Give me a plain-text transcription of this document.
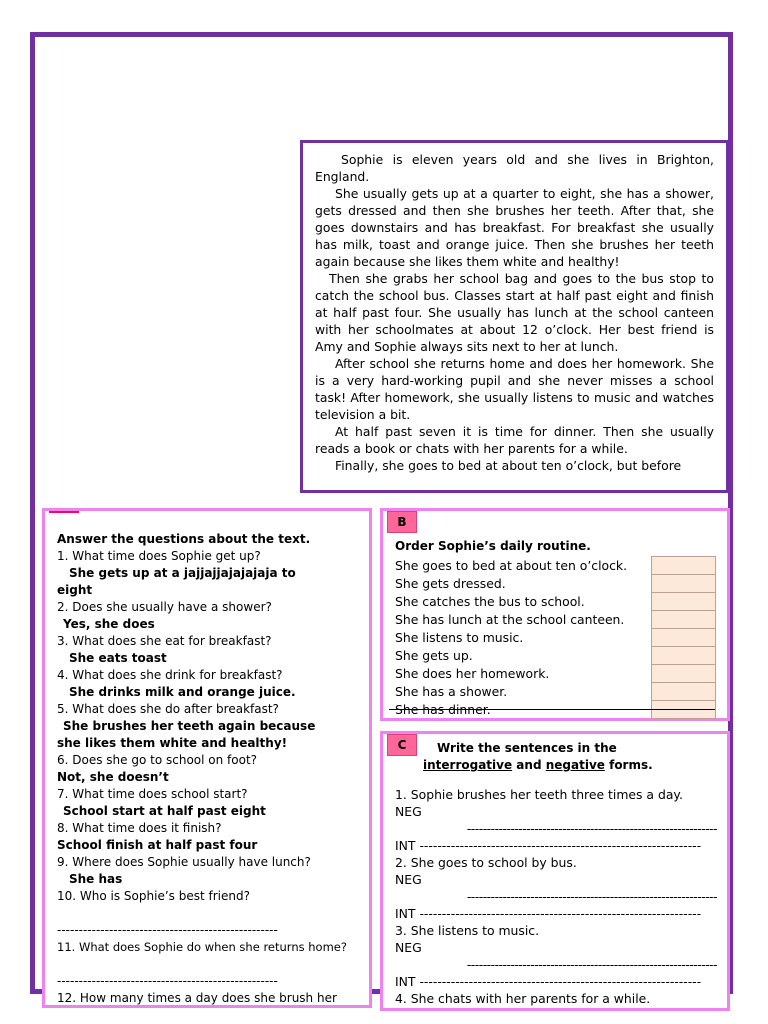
Sophie is eleven years old and she lives in Brighton, England.

She usually gets up at a quarter to eight, she has a shower, gets dressed and then she brushes her teeth. After that, she goes downstairs and has breakfast. For breakfast she usually has milk, toast and orange juice. Then she brushes her teeth again because she likes them white and healthy!

Then she grabs her school bag and goes to the bus stop to catch the school bus. Classes start at half past eight and finish at half past four. She usually has lunch at the school canteen with her schoolmates at about 12 o’clock. Her best friend is Amy and Sophie always sits next to her at lunch.

After school she returns home and does her homework. She is a very hard-working pupil and she never misses a school task! After homework, she usually listens to music and watches television a bit.

At half past seven it is time for dinner. Then she usually reads a book or chats with her parents for a while.

Finally, she goes to bed at about ten o’clock, but before

Answer the questions about the text.
1. What time does Sophie get up?
She gets up at a jajjajjajajajaja to
eight
2. Does she usually have a shower?
Yes, she does
3. What does she eat for breakfast?
She eats toast
4. What does she drink for breakfast?
She drinks milk and orange juice.
5. What does she do after breakfast?
She brushes her teeth again because
she likes them white and healthy!
6. Does she go to school on foot?
Not, she doesn’t
7. What time does school start?
School start at half past eight
8. What time does it finish?
School finish at half past four
9. Where does Sophie usually have lunch?
She has
10. Who is Sophie’s best friend?

---------------------------------------------------
11. What does Sophie do when she returns home?

---------------------------------------------------
12. How many times a day does she brush her
B
Order Sophie’s daily routine.
She goes to bed at about ten o’clock.	
She gets dressed.	
She catches the bus to school.	
She has lunch at the school canteen.	
She listens to music.	
She gets up.	
She does her homework.	
She has a shower.	
She has dinner.	
C	Write the sentences in the
interrogative and negative forms.
1. Sophie brushes her teeth three times a day.
NEG
---------------------------------------------------------------
INT ---------------------------------------------------------------
2. She goes to school by bus.
NEG
---------------------------------------------------------------
INT ---------------------------------------------------------------
3. She listens to music.
NEG
---------------------------------------------------------------
INT ---------------------------------------------------------------
4. She chats with her parents for a while.
